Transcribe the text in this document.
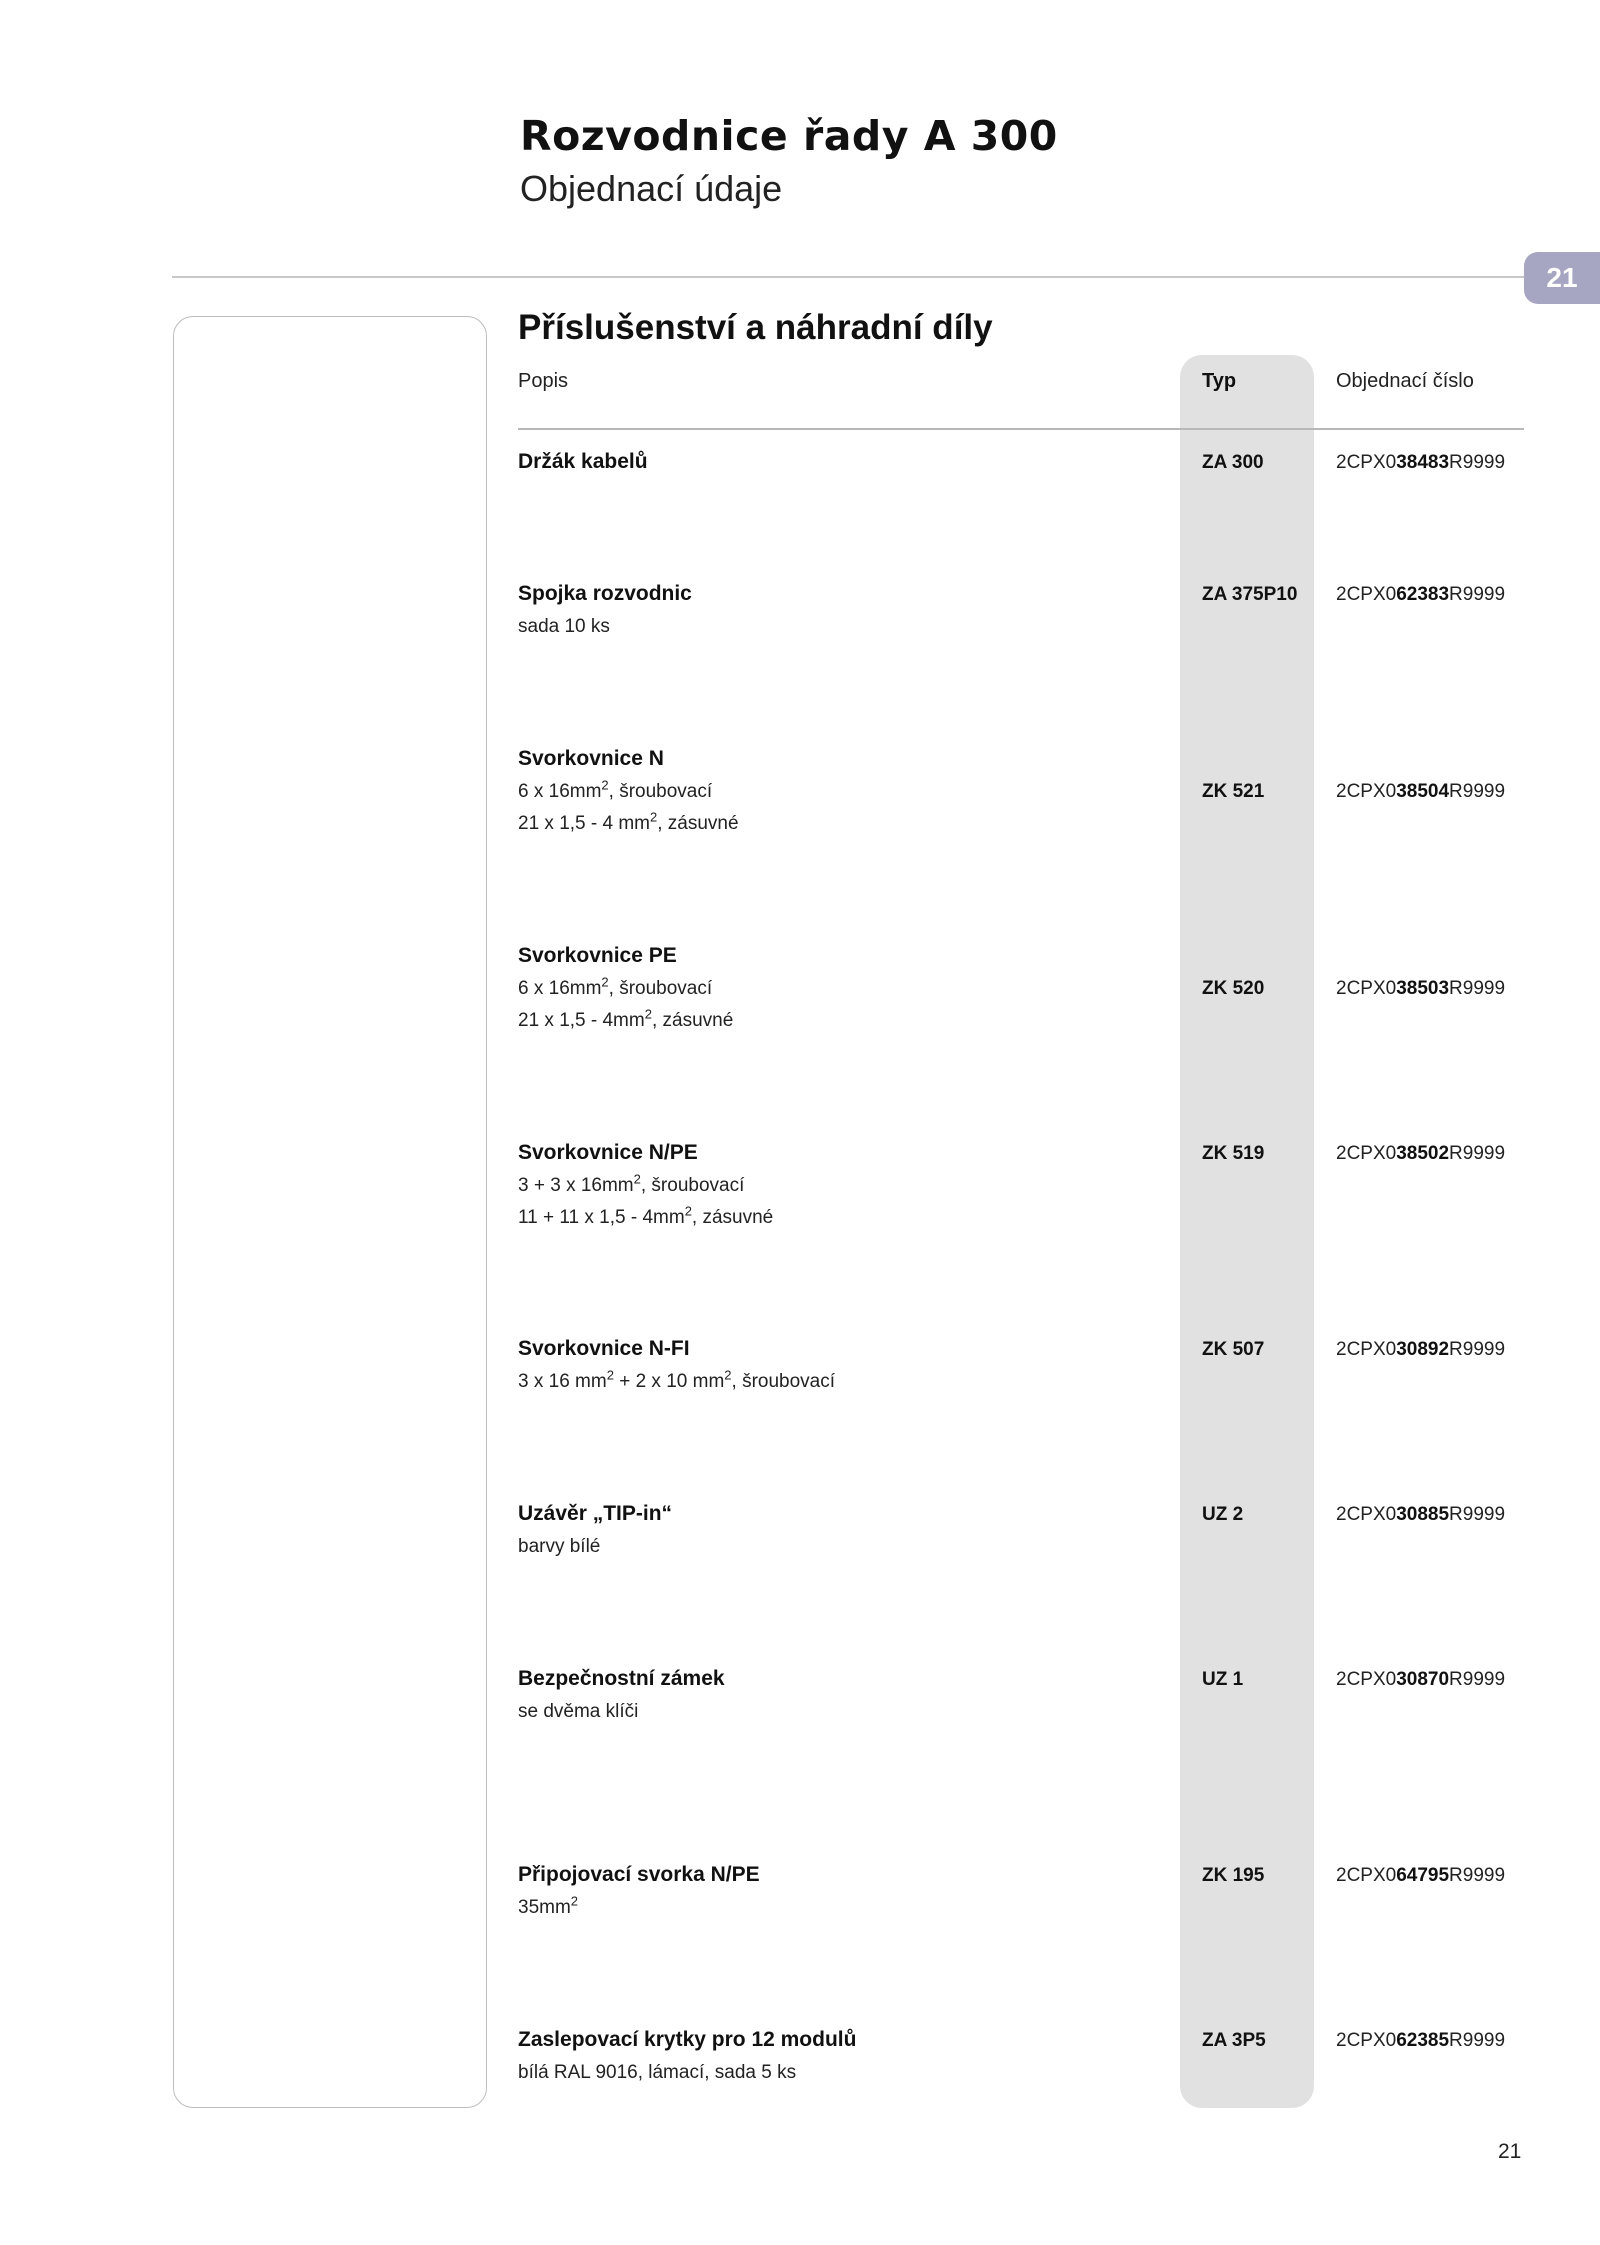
Rozvodnice řady A 300
Objednací údaje
21
Příslušenství a náhradní díly
Popis	Typ	Objednací číslo
Držák kabelů	ZA 300	2CPX038483R9999
Spojka rozvodnic
sada 10 ks
ZA 375P10 2CPX062383R9999
Svorkovnice N
6 x $16mm^2$, šroubovací
21 x 1,5 - 4 $mm^2$, zásuvné
ZK 521	2CPX038504R9999
Svorkovnice PE
6 x $16mm^2$, šroubovací
21 x $1,5 - 4mm^2$, zásuvné
ZK 520	2CPX038503R9999
Svorkovnice N/PE
3 + 3 x $16mm^2$, šroubovací
11 + 11 x $1,5 - 4mm^2$, zásuvné
ZK 519	2CPX038502R9999
Svorkovnice N-FI
3 x 16 $mm^2 + 2$ x 10 $mm^2$, šroubovací
ZK 507	2CPX030892R9999
Uzávěr „TIP-in“
barvy bílé
UZ 2	2CPX030885R9999
Bezpečnostní zámek
se dvěma klíči
UZ 1	2CPX030870R9999
Připojovací svorka N/PE
$35mm^2$
ZK 195	2CPX064795R9999
Zaslepovací krytky pro 12 modulů
bílá RAL 9016, lámací, sada 5 ks
ZA 3P5	2CPX062385R9999
21
